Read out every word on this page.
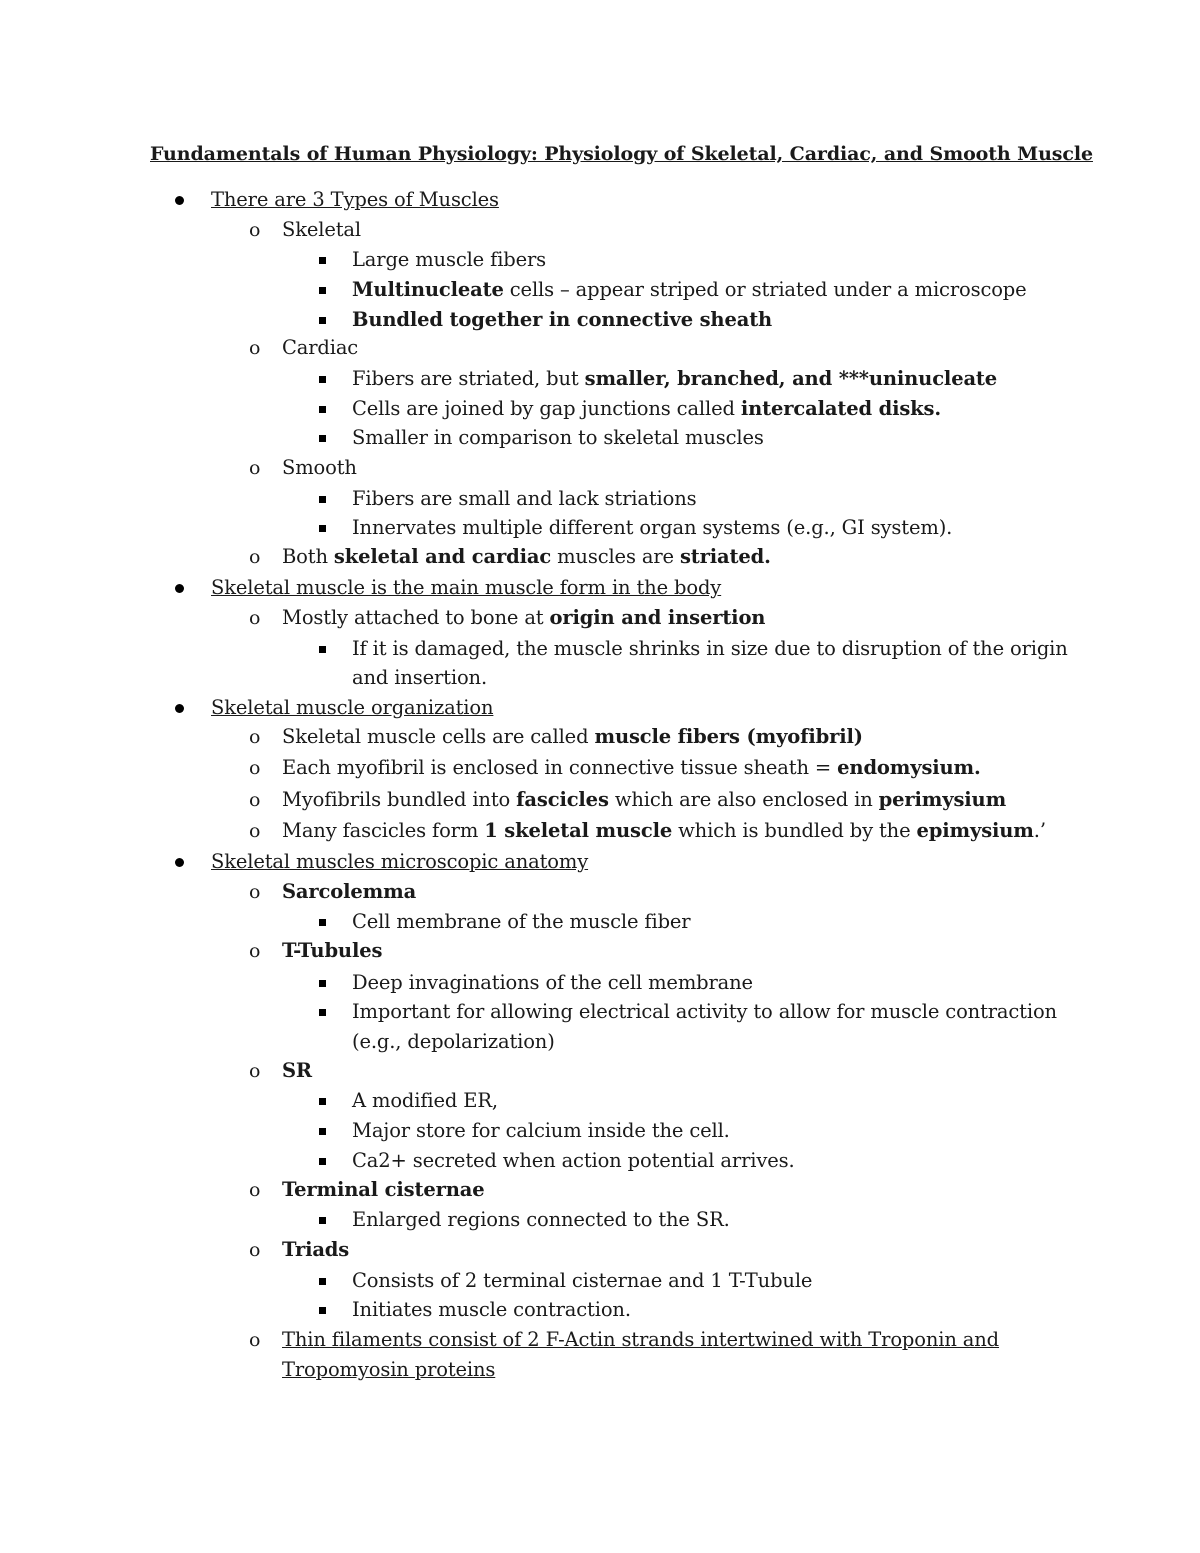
Fundamentals of Human Physiology: Physiology of Skeletal, Cardiac, and Smooth Muscle
There are 3 Types of Muscles
o Skeletal
Large muscle fibers
Multinucleate cells – appear striped or striated under a microscope
Bundled together in connective sheath
o Cardiac
Fibers are striated, but smaller, branched, and ***uninucleate
Cells are joined by gap junctions called intercalated disks.
Smaller in comparison to skeletal muscles
o Smooth
Fibers are small and lack striations
Innervates multiple different organ systems (e.g., GI system).
o Both skeletal and cardiac muscles are striated.
Skeletal muscle is the main muscle form in the body
o Mostly attached to bone at origin and insertion
If it is damaged, the muscle shrinks in size due to disruption of the origin
and insertion.
Skeletal muscle organization
o Skeletal muscle cells are called muscle fibers (myofibril)
o Each myofibril is enclosed in connective tissue sheath = endomysium.
o Myofibrils bundled into fascicles which are also enclosed in perimysium
o Many fascicles form 1 skeletal muscle which is bundled by the epimysium.’
Skeletal muscles microscopic anatomy
o Sarcolemma
Cell membrane of the muscle fiber
o T-Tubules
Deep invaginations of the cell membrane
Important for allowing electrical activity to allow for muscle contraction
(e.g., depolarization)
o SR
A modified ER,
Major store for calcium inside the cell.
Ca2+ secreted when action potential arrives.
o Terminal cisternae
Enlarged regions connected to the SR.
o Triads
Consists of 2 terminal cisternae and 1 T-Tubule
Initiates muscle contraction.
o Thin filaments consist of 2 F-Actin strands intertwined with Troponin and
Tropomyosin proteins
